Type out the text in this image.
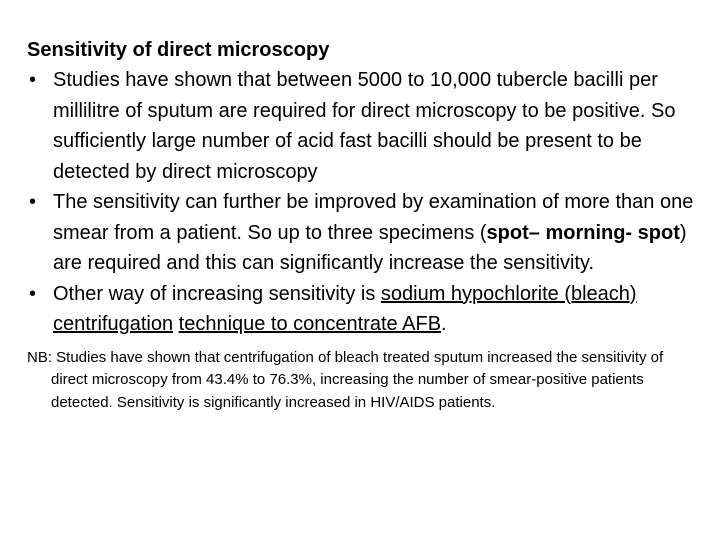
Sensitivity of direct microscopy

• Studies have shown that between 5000 to 10,000 tubercle bacilli per millilitre of sputum are required for direct microscopy to be positive. So sufficiently large number of acid fast bacilli should be present to be detected by direct microscopy
• The sensitivity can further be improved by examination of more than one smear from a patient. So up to three specimens (spot– morning- spot) are required and this can significantly increase the sensitivity.
• Other way of increasing sensitivity is sodium hypochlorite (bleach) centrifugation technique to concentrate AFB.

NB: Studies have shown that centrifugation of bleach treated sputum increased the sensitivity of direct microscopy from 43.4% to 76.3%, increasing the number of smear-positive patients detected. Sensitivity is significantly increased in HIV/AIDS patients.
